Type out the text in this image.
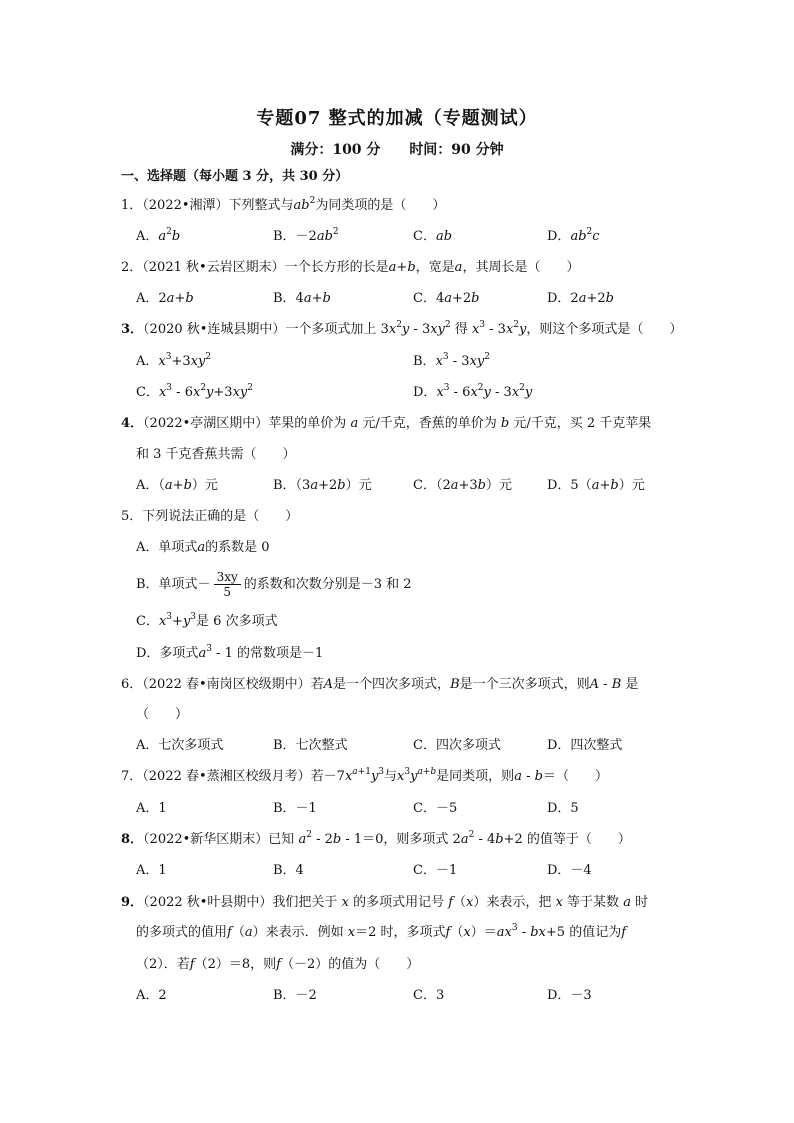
专题07 整式的加减（专题测试）
满分：100 分 时间：90 分钟
一、选择题（每小题 3 分，共 30 分）
1．（2022•湘潭）下列整式与$ab^2$为同类项的是（　　）
A．$a^2b$	B．$-2ab^2$	C．ab	D．$ab^2c$
2．（2021 秋•云岩区期末）一个长方形的长是a+b，宽是a，其周长是（　　）
A．2a+b	B．4a+b	C．4a+2b	D．2a+2b
3．（2020 秋•连城县期中）一个多项式加上 $3x^2y - 3xy^2$ 得 $x^3 - 3x^2y$，则这个多项式是（　　）
A．$x^3+3xy^2$	B．$x^3 - 3xy^2$
C．$x^3 - 6x^2y+3xy^2$	D．$x^3 - 6x^2y - 3x^2y$
4．（2022•亭湖区期中）苹果的单价为 a 元/千克，香蕉的单价为 b 元/千克，买 2 千克苹果
和 3 千克香蕉共需（　　）
A．（a+b）元	B．（3a+2b）元	C．（2a+3b）元	D．5（a+b）元
5．下列说法正确的是（　　）
A．单项式a的系数是 0
B．单项式－ $\frac{3xy}{5}$ 的系数和次数分别是－3 和 2
C．$x^3+y^3$是 6 次多项式
D．多项式$a^3 - 1$ 的常数项是－1
6．（2022 春•南岗区校级期中）若A是一个四次多项式，B是一个三次多项式，则A - B 是
（　　）
A．七次多项式	B．七次整式	C．四次多项式	D．四次整式
7．（2022 春•蒸湘区校级月考）若$-7x^{a+1}y^3$与$x^3y^{a+b}$是同类项，则a - b＝（　　）
A．1	B．－1	C．－5	D．5
8．（2022•新华区期末）已知 $a^2 - 2b - 1=0$，则多项式 $2a^2 - 4b+2$ 的值等于（　　）
A．1	B．4	C．－1	D．－4
9．（2022 秋•叶县期中）我们把关于 x 的多项式用记号 f（x）来表示，把 x 等于某数 a 时
的多项式的值用f（a）来表示．例如 x＝2 时，多项式$f(x)=ax^3 - bx+5$ 的值记为f
（2）．若f（2）＝8，则f（－2）的值为（　　）
A．2	B．－2	C．3	D．－3
